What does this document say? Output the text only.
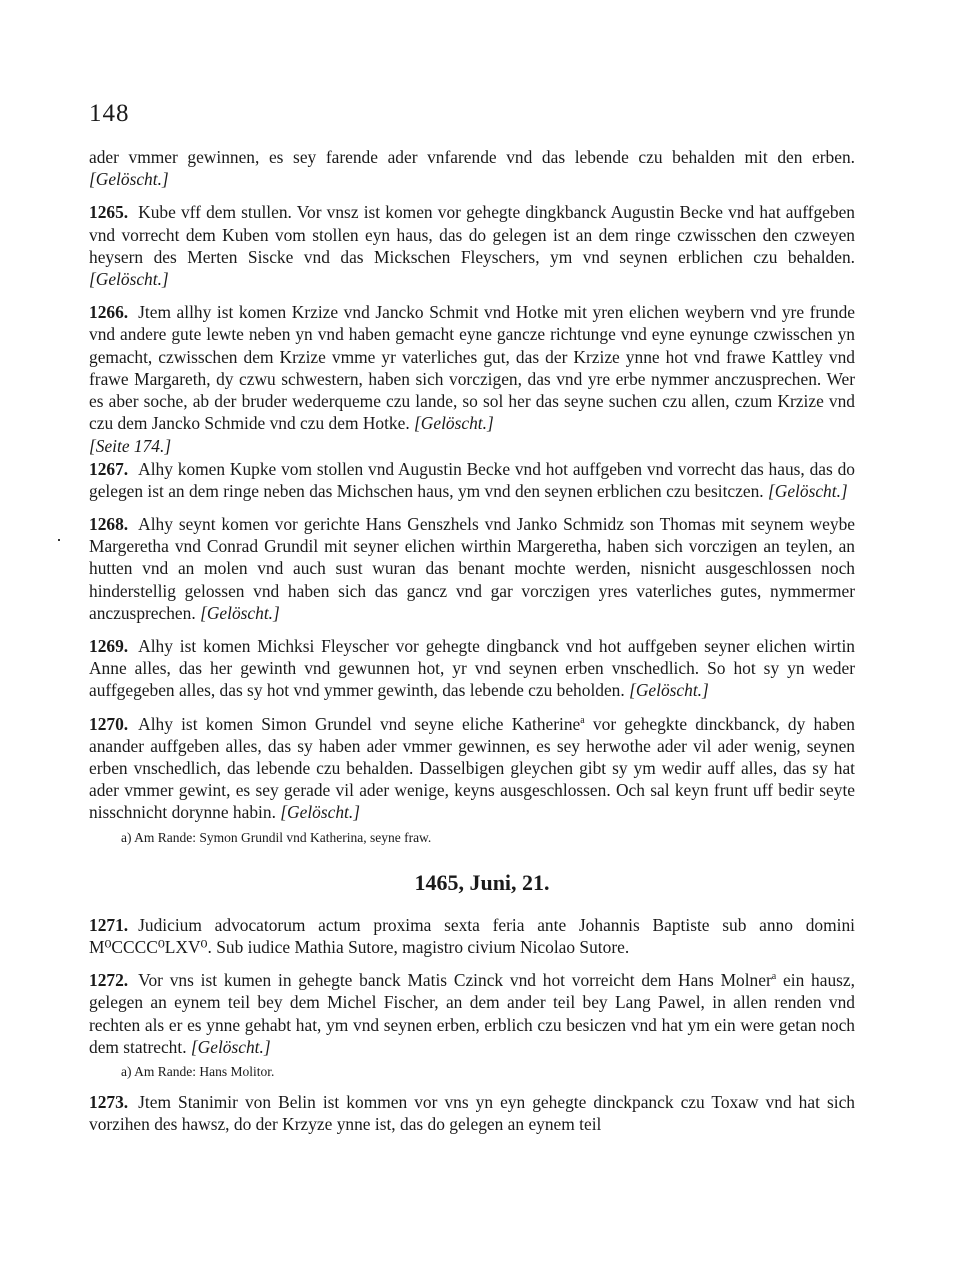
148

ader vmmer gewinnen, es sey farende ader vnfarende vnd das lebende czu behalden mit den erben. [Gelöscht.]

1265. Kube vff dem stullen. Vor vnsz ist komen vor gehegte dingkbanck Augustin Becke vnd hat auffgeben vnd vorrecht dem Kuben vom stollen eyn haus, das do gelegen ist an dem ringe czwisschen den czweyen heysern des Merten Siscke vnd das Mickschen Fleyschers, ym vnd seynen erblichen czu behalden. [Gelöscht.]

1266. Jtem allhy ist komen Krzize vnd Jancko Schmit vnd Hotke mit yren elichen weybern vnd yre frunde vnd andere gute lewte neben yn vnd haben gemacht eyne gancze richtunge vnd eyne eynunge czwisschen yn gemacht, czwisschen dem Krzize vmme yr vaterliches gut, das der Krzize ynne hot vnd frawe Kattley vnd frawe Margareth, dy czwu schwestern, haben sich vorczigen, das vnd yre erbe nymmer anczusprechen. Wer es aber soche, ab der bruder wederqueme czu lande, so sol her das seyne suchen czu allen, czum Krzize vnd czu dem Jancko Schmide vnd czu dem Hotke. [Gelöscht.]

[Seite 174.]

1267. Alhy komen Kupke vom stollen vnd Augustin Becke vnd hot auffgeben vnd vorrecht das haus, das do gelegen ist an dem ringe neben das Michschen haus, ym vnd den seynen erblichen czu besitczen. [Gelöscht.]

1268. Alhy seynt komen vor gerichte Hans Genszhels vnd Janko Schmidz son Thomas mit seynem weybe Margeretha vnd Conrad Grundil mit seyner elichen wirthin Margeretha, haben sich vorczigen an teylen, an hutten vnd an molen vnd auch sust wuran das benant mochte werden, nisnicht ausgeschlossen noch hinderstellig gelossen vnd haben sich das gancz vnd gar vorczigen yres vaterliches gutes, nymmermer anczusprechen. [Gelöscht.]

1269. Alhy ist komen Michksi Fleyscher vor gehegte dingbanck vnd hot auffgeben seyner elichen wirtin Anne alles, das her gewinth vnd gewunnen hot, yr vnd seynen erben vnschedlich. So hot sy yn weder auffgegeben alles, das sy hot vnd ymmer gewinth, das lebende czu beholden. [Gelöscht.]

1270. Alhy ist komen Simon Grundel vnd seyne eliche Katherine$^a$ vor gehegkte dinckbanck, dy haben anander auffgeben alles, das sy haben ader vmmer gewinnen, es sey herwothe ader vil ader wenig, seynen erben vnschedlich, das lebende czu behalden. Dasselbigen gleychen gibt sy ym wedir auff alles, das sy hat ader vmmer gewint, es sey gerade vil ader wenige, keyns ausgeschlossen. Och sal keyn frunt uff bedir seyte nisschnicht dorynne habin. [Gelöscht.]

a) Am Rande: Symon Grundil vnd Katherina, seyne fraw.

1465, Juni, 21.

1271. Judicium advocatorum actum proxima sexta feria ante Johannis Baptiste sub anno domini M⁰CCCC⁰LXV⁰. Sub iudice Mathia Sutore, magistro civium Nicolao Sutore.

1272. Vor vns ist kumen in gehegte banck Matis Czinck vnd hot vorreicht dem Hans Molner$^a$ ein hausz, gelegen an eynem teil bey dem Michel Fischer, an dem ander teil bey Lang Pawel, in allen renden vnd rechten als er es ynne gehabt hat, ym vnd seynen erben, erblich czu besiczen vnd hat ym ein were getan noch dem statrecht. [Gelöscht.]

a) Am Rande: Hans Molitor.

1273. Jtem Stanimir von Belin ist kommen vor vns yn eyn gehegte dinckpanck czu Toxaw vnd hat sich vorzihen des hawsz, do der Krzyze ynne ist, das do gelegen an eynem teil
